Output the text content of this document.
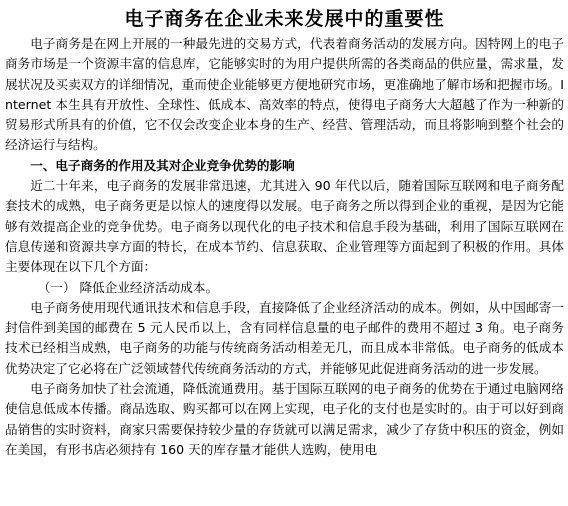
电子商务在企业未来发展中的重要性

电子商务是在网上开展的一种最先进的交易方式，代表着商务活动的发展方向。因特网上的电子商务市场是一个资源丰富的信息库，它能够实时的为用户提供所需的各类商品的供应量，需求量，发展状况及买卖双方的详细情况，重而使企业能够更方便地研究市场，更准确地了解市场和把握市场。Internet 本生具有开放性、全球性、低成本、高效率的特点，使得电子商务大大超越了作为一种新的贸易形式所具有的价值，它不仅会改变企业本身的生产、经营、管理活动，而且将影响到整个社会的经济运行与结构。

一、电子商务的作用及其对企业竞争优势的影响

近二十年来，电子商务的发展非常迅速，尤其进入 90 年代以后，随着国际互联网和电子商务配套技术的成熟，电子商务更是以惊人的速度得以发展。电子商务之所以得到企业的重视，是因为它能够有效提高企业的竞争优势。电子商务以现代化的电子技术和信息手段为基础，利用了国际互联网在信息传递和资源共享方面的特长，在成本节约、信息获取、企业管理等方面起到了积极的作用。具体主要体现在以下几个方面：

（一） 降低企业经济活动成本。

电子商务使用现代通讯技术和信息手段，直接降低了企业经济活动的成本。例如，从中国邮寄一封信件到美国的邮费在 5 元人民币以上，含有同样信息量的电子邮件的费用不超过 3 角。电子商务技术已经相当成熟，电子商务的功能与传统商务活动相差无几，而且成本非常低。电子商务的低成本优势决定了它必将在广泛领域替代传统商务活动的方式，并能够见此促进商务活动的进一步发展。

电子商务加快了社会流通，降低流通费用。基于国际互联网的电子商务的优势在于通过电脑网络使信息低成本传播。商品选取、购买都可以在网上实现，电子化的支付也是实时的。由于可以好到商品销售的实时资料，商家只需要保持较少量的存货就可以满足需求，减少了存货中积压的资金，例如在美国，有形书店必须持有 160 天的库存量才能供人选购，使用电
